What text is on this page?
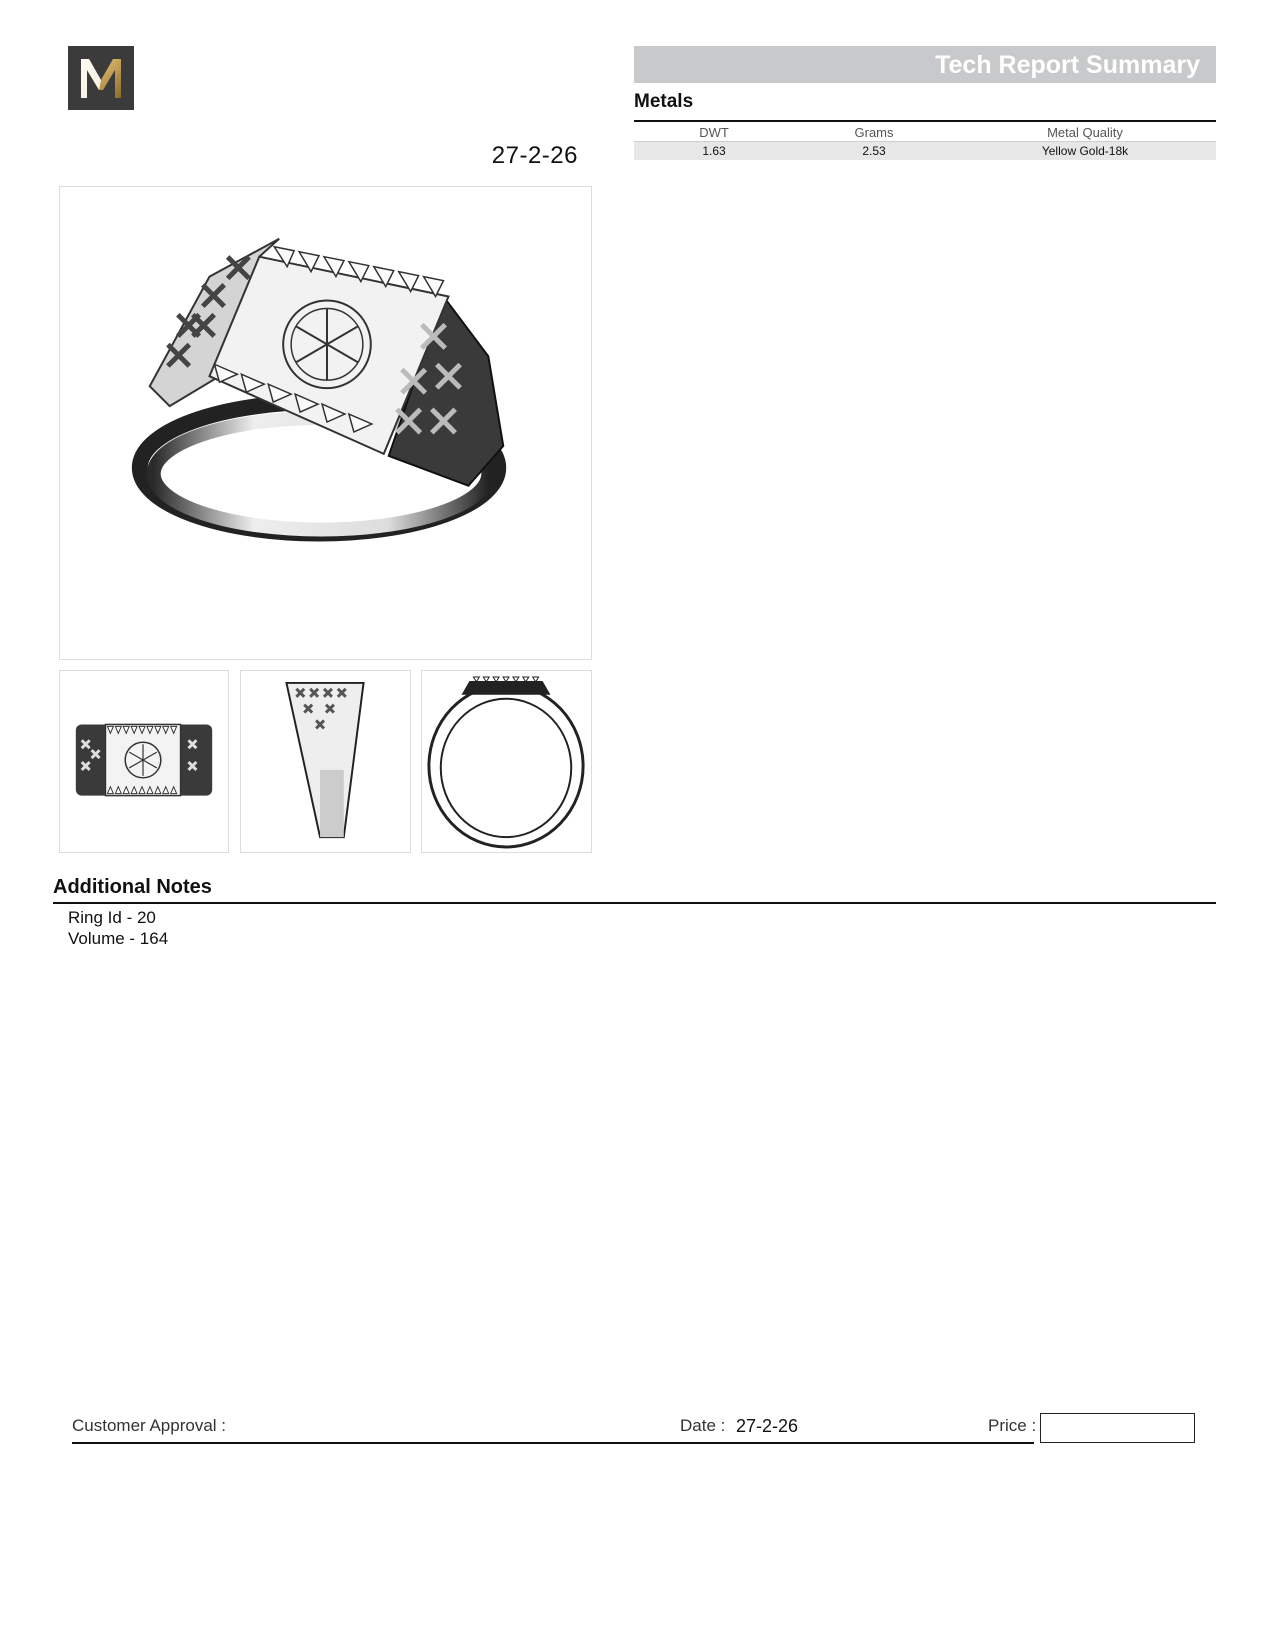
27-2-26
Tech Report Summary
Metals
DWT	Grams	Metal Quality
1.63	2.53	Yellow Gold-18k
Additional Notes
Ring Id - 20
Volume - 164
Customer Approval :	Date : 27-2-26	Price :
